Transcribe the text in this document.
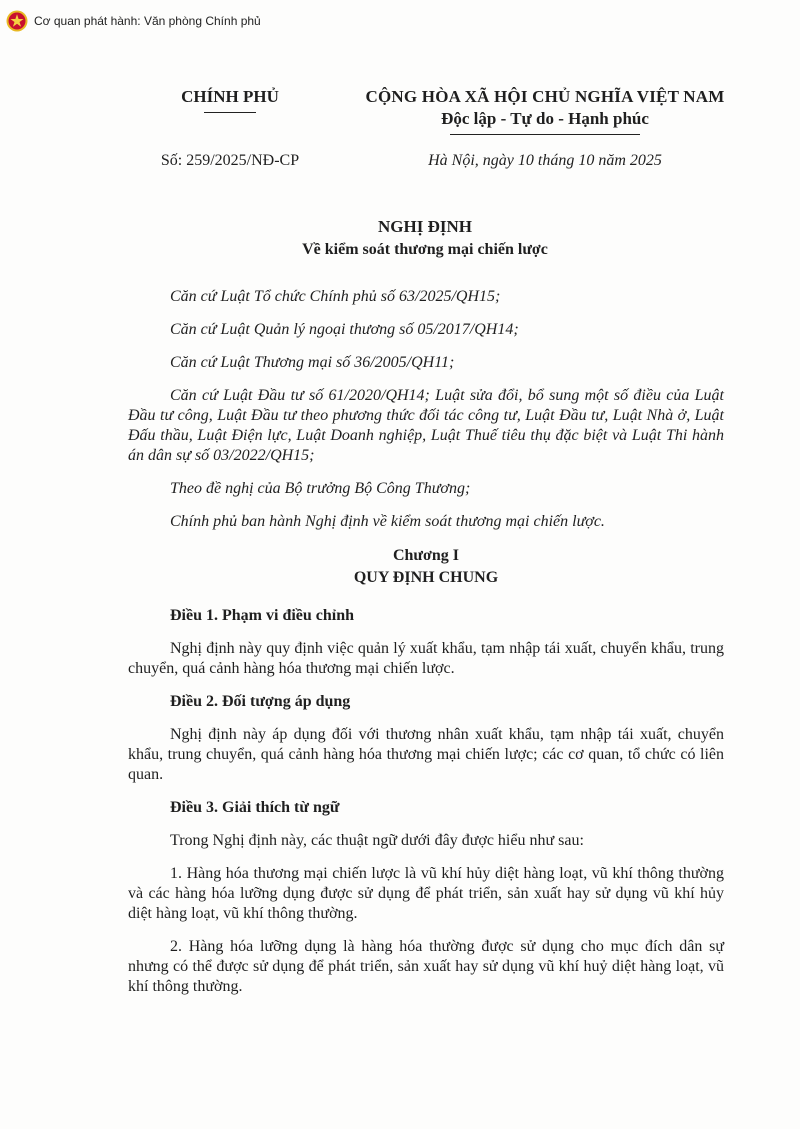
Cơ quan phát hành: Văn phòng Chính phủ
CHÍNH PHỦ	CỘNG HÒA XÃ HỘI CHỦ NGHĨA VIỆT NAM
Độc lập - Tự do - Hạnh phúc
Số: 259/2025/NĐ-CP	Hà Nội, ngày 10 tháng 10 năm 2025
NGHỊ ĐỊNH
Về kiểm soát thương mại chiến lược

Căn cứ Luật Tổ chức Chính phủ số 63/2025/QH15;

Căn cứ Luật Quản lý ngoại thương số 05/2017/QH14;

Căn cứ Luật Thương mại số 36/2005/QH11;

Căn cứ Luật Đầu tư số 61/2020/QH14; Luật sửa đổi, bổ sung một số điều của Luật Đầu tư công, Luật Đầu tư theo phương thức đối tác công tư, Luật Đầu tư, Luật Nhà ở, Luật Đấu thầu, Luật Điện lực, Luật Doanh nghiệp, Luật Thuế tiêu thụ đặc biệt và Luật Thi hành án dân sự số 03/2022/QH15;

Theo đề nghị của Bộ trưởng Bộ Công Thương;

Chính phủ ban hành Nghị định về kiểm soát thương mại chiến lược.

Chương I
QUY ĐỊNH CHUNG
Điều 1. Phạm vi điều chỉnh

Nghị định này quy định việc quản lý xuất khẩu, tạm nhập tái xuất, chuyển khẩu, trung chuyển, quá cảnh hàng hóa thương mại chiến lược.

Điều 2. Đối tượng áp dụng

Nghị định này áp dụng đối với thương nhân xuất khẩu, tạm nhập tái xuất, chuyển khẩu, trung chuyển, quá cảnh hàng hóa thương mại chiến lược; các cơ quan, tổ chức có liên quan.

Điều 3. Giải thích từ ngữ

Trong Nghị định này, các thuật ngữ dưới đây được hiểu như sau:

1. Hàng hóa thương mại chiến lược là vũ khí hủy diệt hàng loạt, vũ khí thông thường và các hàng hóa lưỡng dụng được sử dụng để phát triển, sản xuất hay sử dụng vũ khí hủy diệt hàng loạt, vũ khí thông thường.

2. Hàng hóa lưỡng dụng là hàng hóa thường được sử dụng cho mục đích dân sự nhưng có thể được sử dụng để phát triển, sản xuất hay sử dụng vũ khí huỷ diệt hàng loạt, vũ khí thông thường.
